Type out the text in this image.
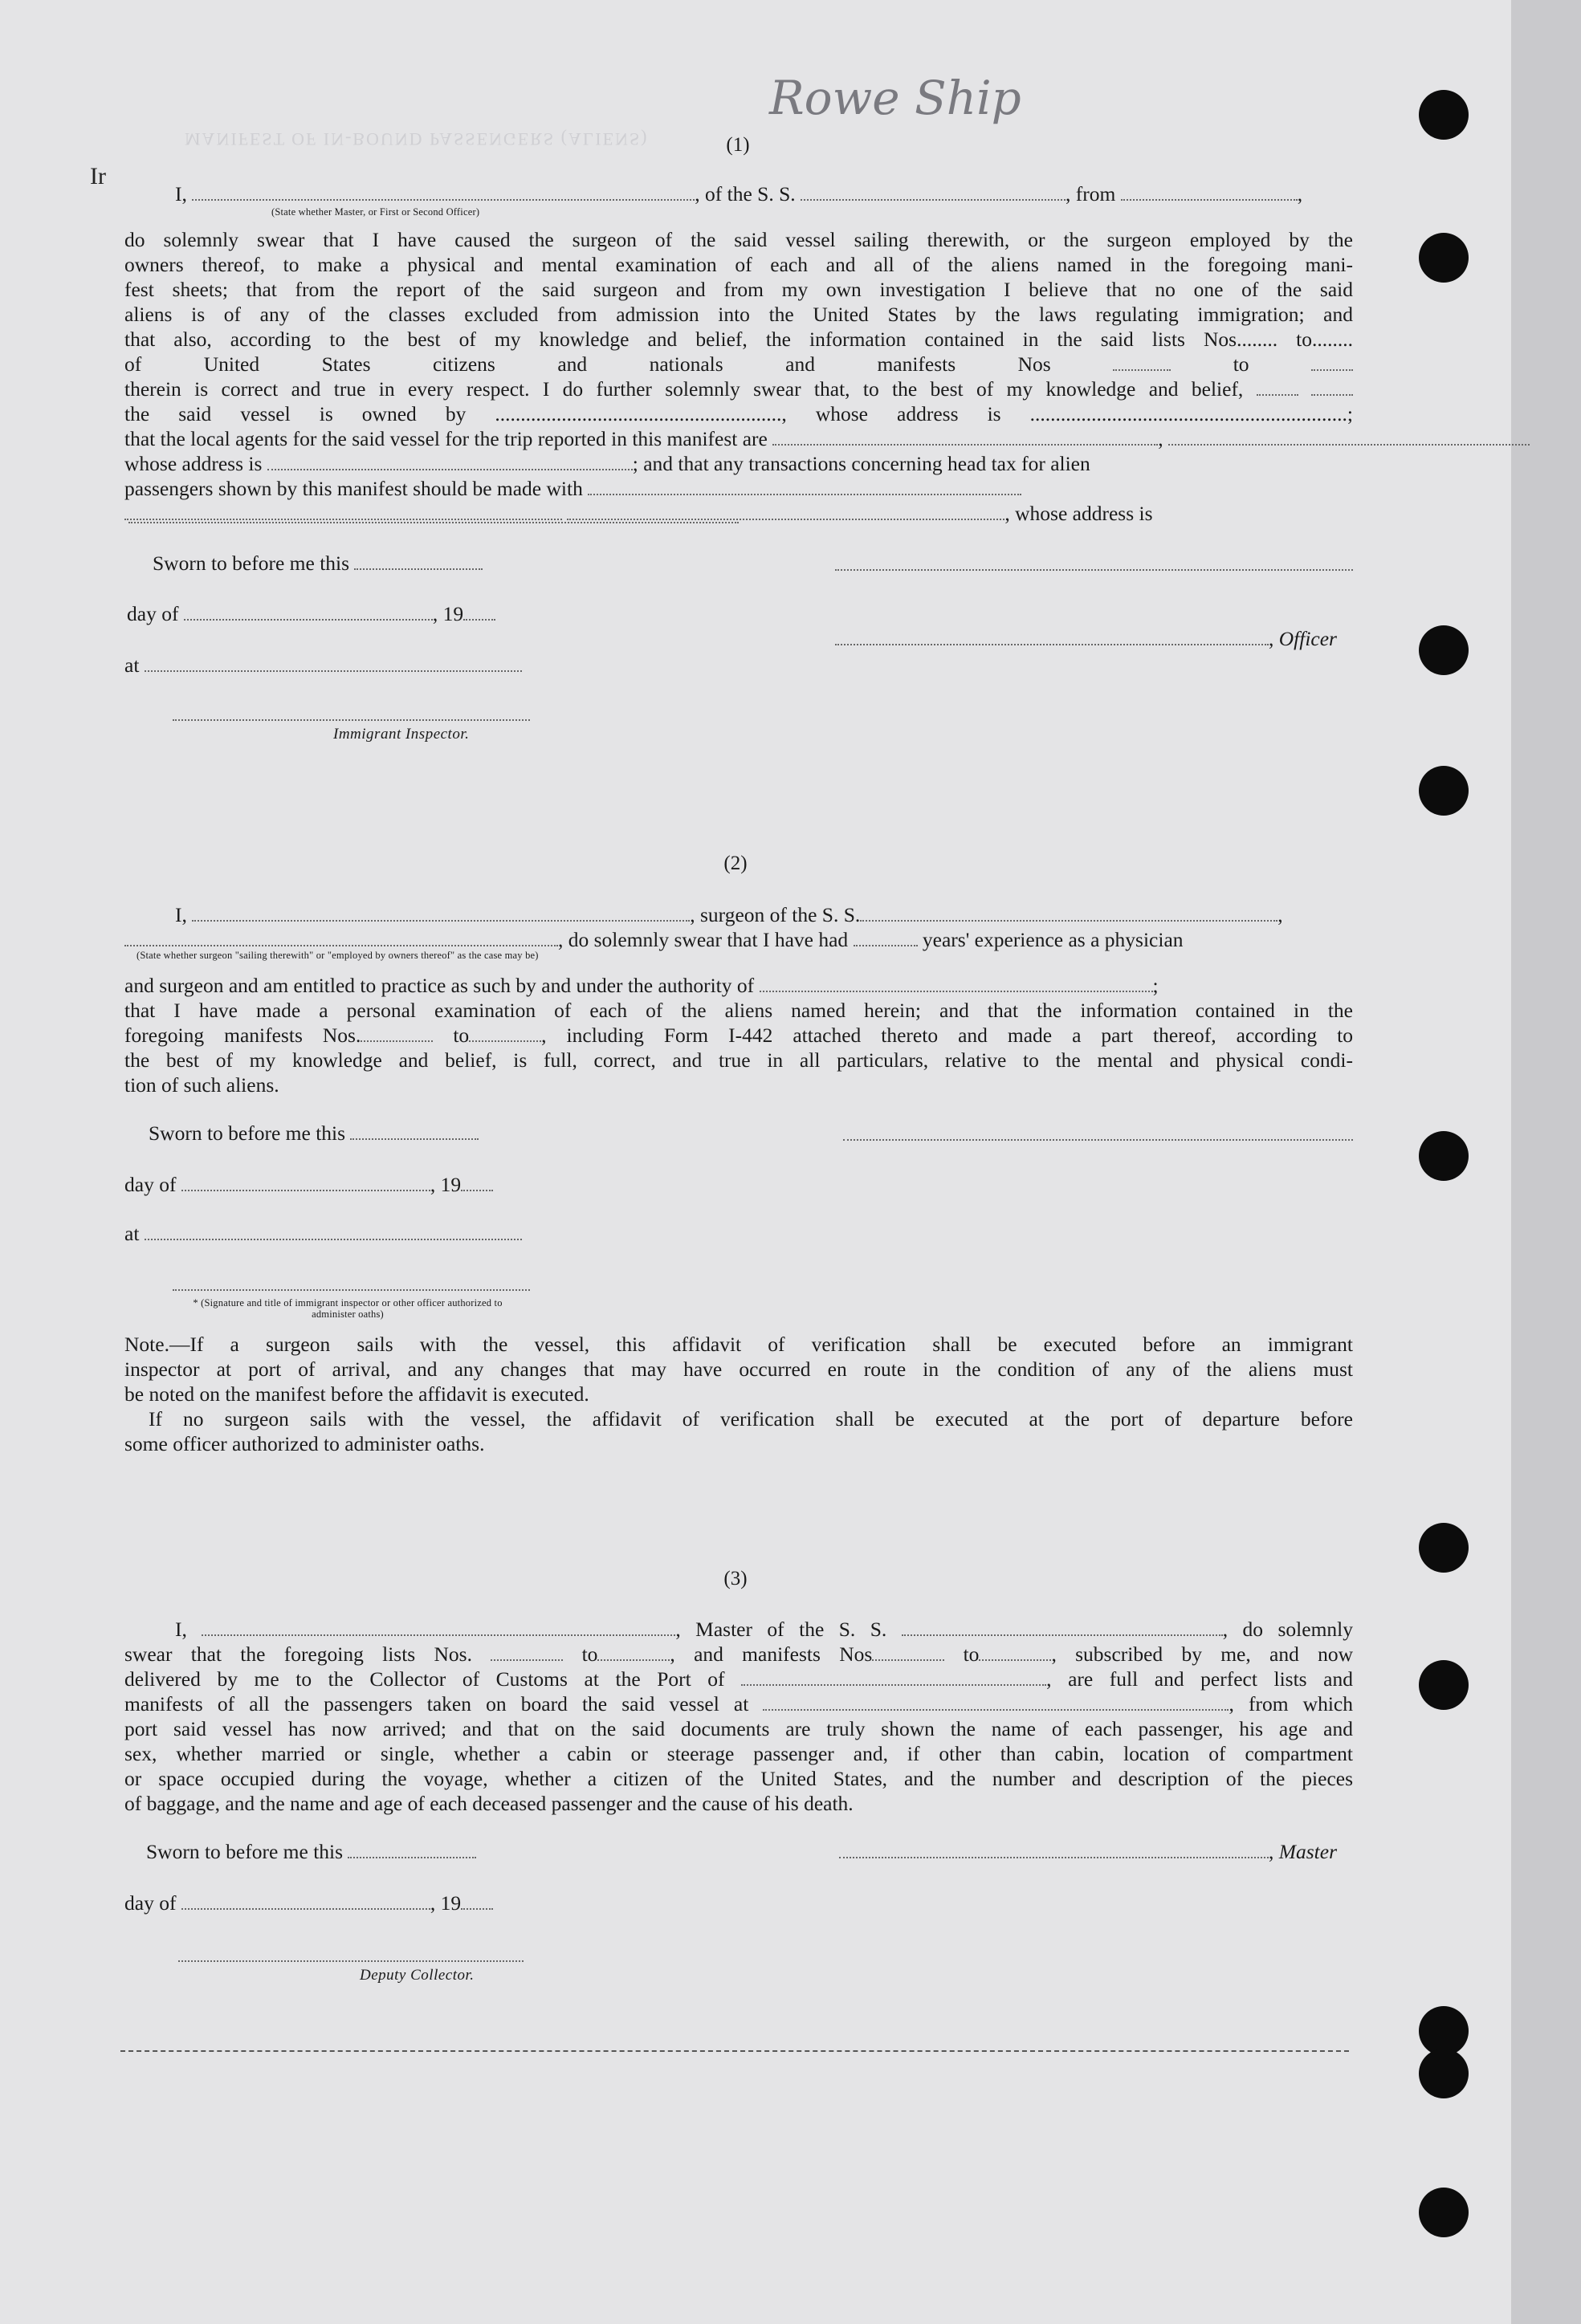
MANIFEST OF IN-BOUND PASSENGERS (ALIENS)
Rowe Ship
Ir
(1)
I,	, of the S. S.	, from	,
(State whether Master, or First or Second Officer)
do solemnly swear that I have caused the surgeon of the said vessel sailing therewith, or the surgeon employed by the
owners thereof, to make a physical and mental examination of each and all of the aliens named in the foregoing mani-
fest sheets; that from the report of the said surgeon and from my own investigation I believe that no one of the said
aliens is of any of the classes excluded from admission into the United States by the laws regulating immigration; and
that also, according to the best of my knowledge and belief, the information contained in the said lists Nos........ to........
of United States citizens and nationals and manifests Nos	to
therein is correct and true in every respect. I do further solemnly swear that, to the best of my knowledge and belief,
the said vessel is owned by ........................................................, whose address is ..............................................................;
that the local agents for the said vessel for the trip reported in this manifest are	,
whose address is	; and that any transactions concerning head tax for alien
passengers shown by this manifest should be made with
, whose address is
Sworn to before me this
day of	, 19
, Officer
at
Immigrant Inspector.
(2)
I,	, surgeon of the S. S.	,
, do solemnly swear that I have had	years' experience as a physician
(State whether surgeon "sailing therewith" or "employed by owners thereof" as the case may be)
and surgeon and am entitled to practice as such by and under the authority of	;
that I have made a personal examination of each of the aliens named herein; and that the information contained in the
foregoing manifests Nos.	to	, including Form I-442 attached thereto and made a part thereof, according to
the best of my knowledge and belief, is full, correct, and true in all particulars, relative to the mental and physical condi-
tion of such aliens.
Sworn to before me this
day of	, 19
at
* (Signature and title of immigrant inspector or other officer authorized to administer oaths)
Note.—If a surgeon sails with the vessel, this affidavit of verification shall be executed before an immigrant
inspector at port of arrival, and any changes that may have occurred en route in the condition of any of the aliens must
be noted on the manifest before the affidavit is executed.
If no surgeon sails with the vessel, the affidavit of verification shall be executed at the port of departure before
some officer authorized to administer oaths.
(3)
I,	, Master of the S. S.	, do solemnly
swear that the foregoing lists Nos.	to	, and manifests Nos	to	, subscribed by me, and now
delivered by me to the Collector of Customs at the Port of	, are full and perfect lists and
manifests of all the passengers taken on board the said vessel at	, from which
port said vessel has now arrived; and that on the said documents are truly shown the name of each passenger, his age and
sex, whether married or single, whether a cabin or steerage passenger and, if other than cabin, location of compartment
or space occupied during the voyage, whether a citizen of the United States, and the number and description of the pieces
of baggage, and the name and age of each deceased passenger and the cause of his death.
Sworn to before me this	, Master
day of	, 19
Deputy Collector.
